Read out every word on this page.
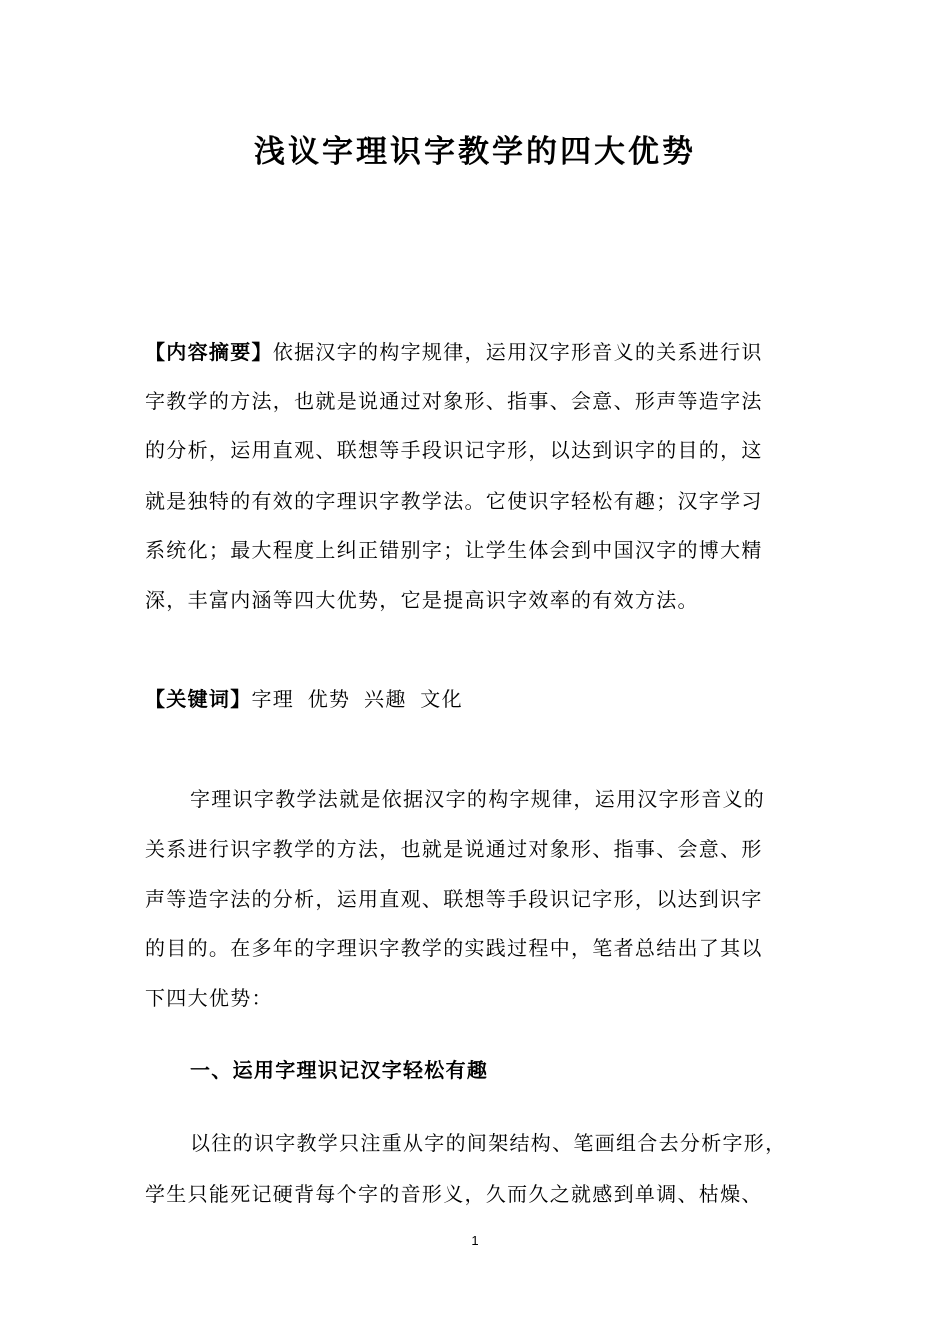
浅议字理识字教学的四大优势
【内容摘要】依据汉字的构字规律，运用汉字形音义的关系进行识
字教学的方法，也就是说通过对象形、指事、会意、形声等造字法
的分析，运用直观、联想等手段识记字形，以达到识字的目的，这
就是独特的有效的字理识字教学法。它使识字轻松有趣；汉字学习
系统化；最大程度上纠正错别字；让学生体会到中国汉字的博大精
深，丰富内涵等四大优势，它是提高识字效率的有效方法。
【关键词】字理 优势 兴趣 文化
字理识字教学法就是依据汉字的构字规律，运用汉字形音义的
关系进行识字教学的方法，也就是说通过对象形、指事、会意、形
声等造字法的分析，运用直观、联想等手段识记字形，以达到识字
的目的。在多年的字理识字教学的实践过程中，笔者总结出了其以
下四大优势：
一、运用字理识记汉字轻松有趣
以往的识字教学只注重从字的间架结构、笔画组合去分析字形，
学生只能死记硬背每个字的音形义，久而久之就感到单调、枯燥、
1
